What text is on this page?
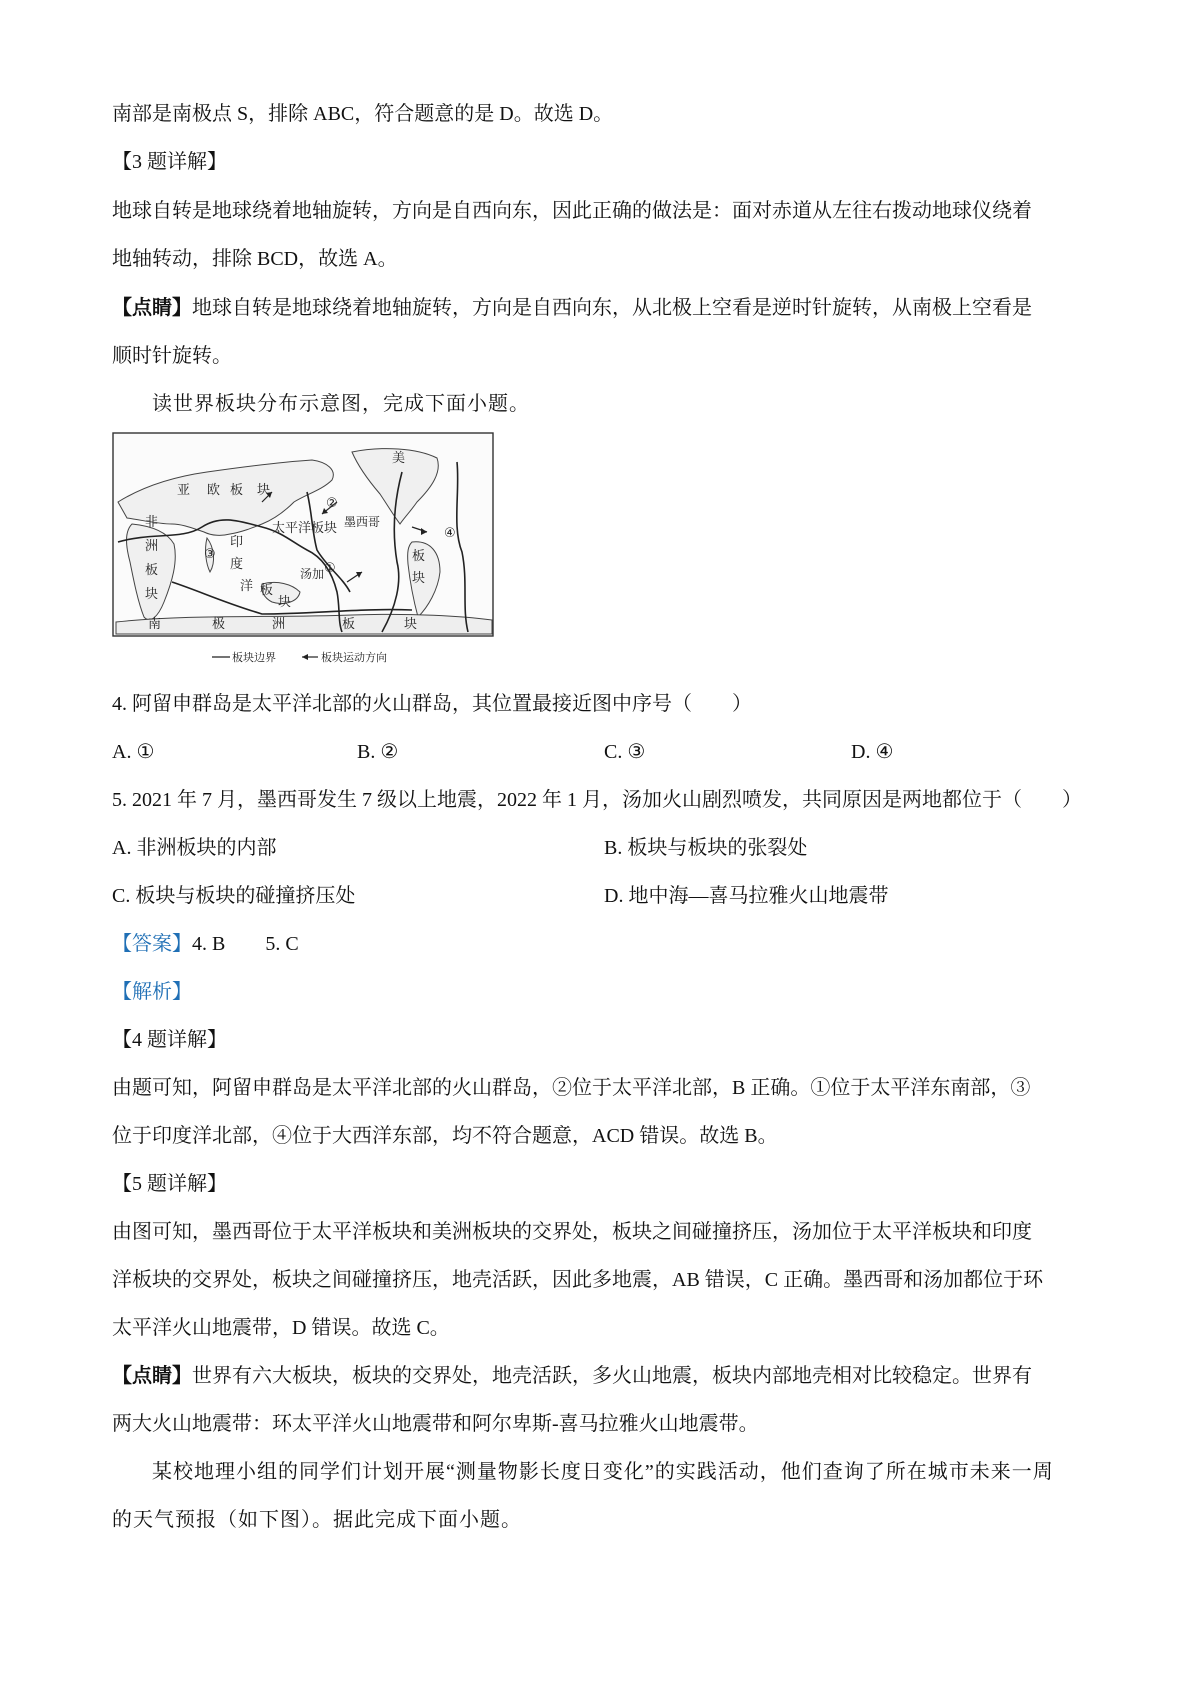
南部是南极点 S，排除 ABC，符合题意的是 D。故选 D。
【3 题详解】
地球自转是地球绕着地轴旋转，方向是自西向东，因此正确的做法是：面对赤道从左往右拨动地球仪绕着
地轴转动，排除 BCD，故选 A。
【点睛】地球自转是地球绕着地轴旋转，方向是自西向东，从北极上空看是逆时针旋转，从南极上空看是
顺时针旋转。
读世界板块分布示意图，完成下面小题。
亚 欧 板 块
美
非
洲
板
块
印
度
洋 板
块
太平洋板块 墨西哥
汤加
板
块
南	极	洲	板	块
①
②
③
④
板块边界	板块运动方向
4. 阿留申群岛是太平洋北部的火山群岛，其位置最接近图中序号（　　）
A. ①	B. ②	C. ③	D. ④
5. 2021 年 7 月，墨西哥发生 7 级以上地震，2022 年 1 月，汤加火山剧烈喷发，共同原因是两地都位于（　　）
A. 非洲板块的内部	B. 板块与板块的张裂处
C. 板块与板块的碰撞挤压处	D. 地中海—喜马拉雅火山地震带
【答案】4. B　　5. C
【解析】
【4 题详解】
由题可知，阿留申群岛是太平洋北部的火山群岛，②位于太平洋北部，B 正确。①位于太平洋东南部，③
位于印度洋北部，④位于大西洋东部，均不符合题意，ACD 错误。故选 B。
【5 题详解】
由图可知，墨西哥位于太平洋板块和美洲板块的交界处，板块之间碰撞挤压，汤加位于太平洋板块和印度
洋板块的交界处，板块之间碰撞挤压，地壳活跃，因此多地震，AB 错误，C 正确。墨西哥和汤加都位于环
太平洋火山地震带，D 错误。故选 C。
【点睛】世界有六大板块，板块的交界处，地壳活跃，多火山地震，板块内部地壳相对比较稳定。世界有
两大火山地震带：环太平洋火山地震带和阿尔卑斯-喜马拉雅火山地震带。
某校地理小组的同学们计划开展“测量物影长度日变化”的实践活动，他们查询了所在城市未来一周
的天气预报（如下图）。据此完成下面小题。
